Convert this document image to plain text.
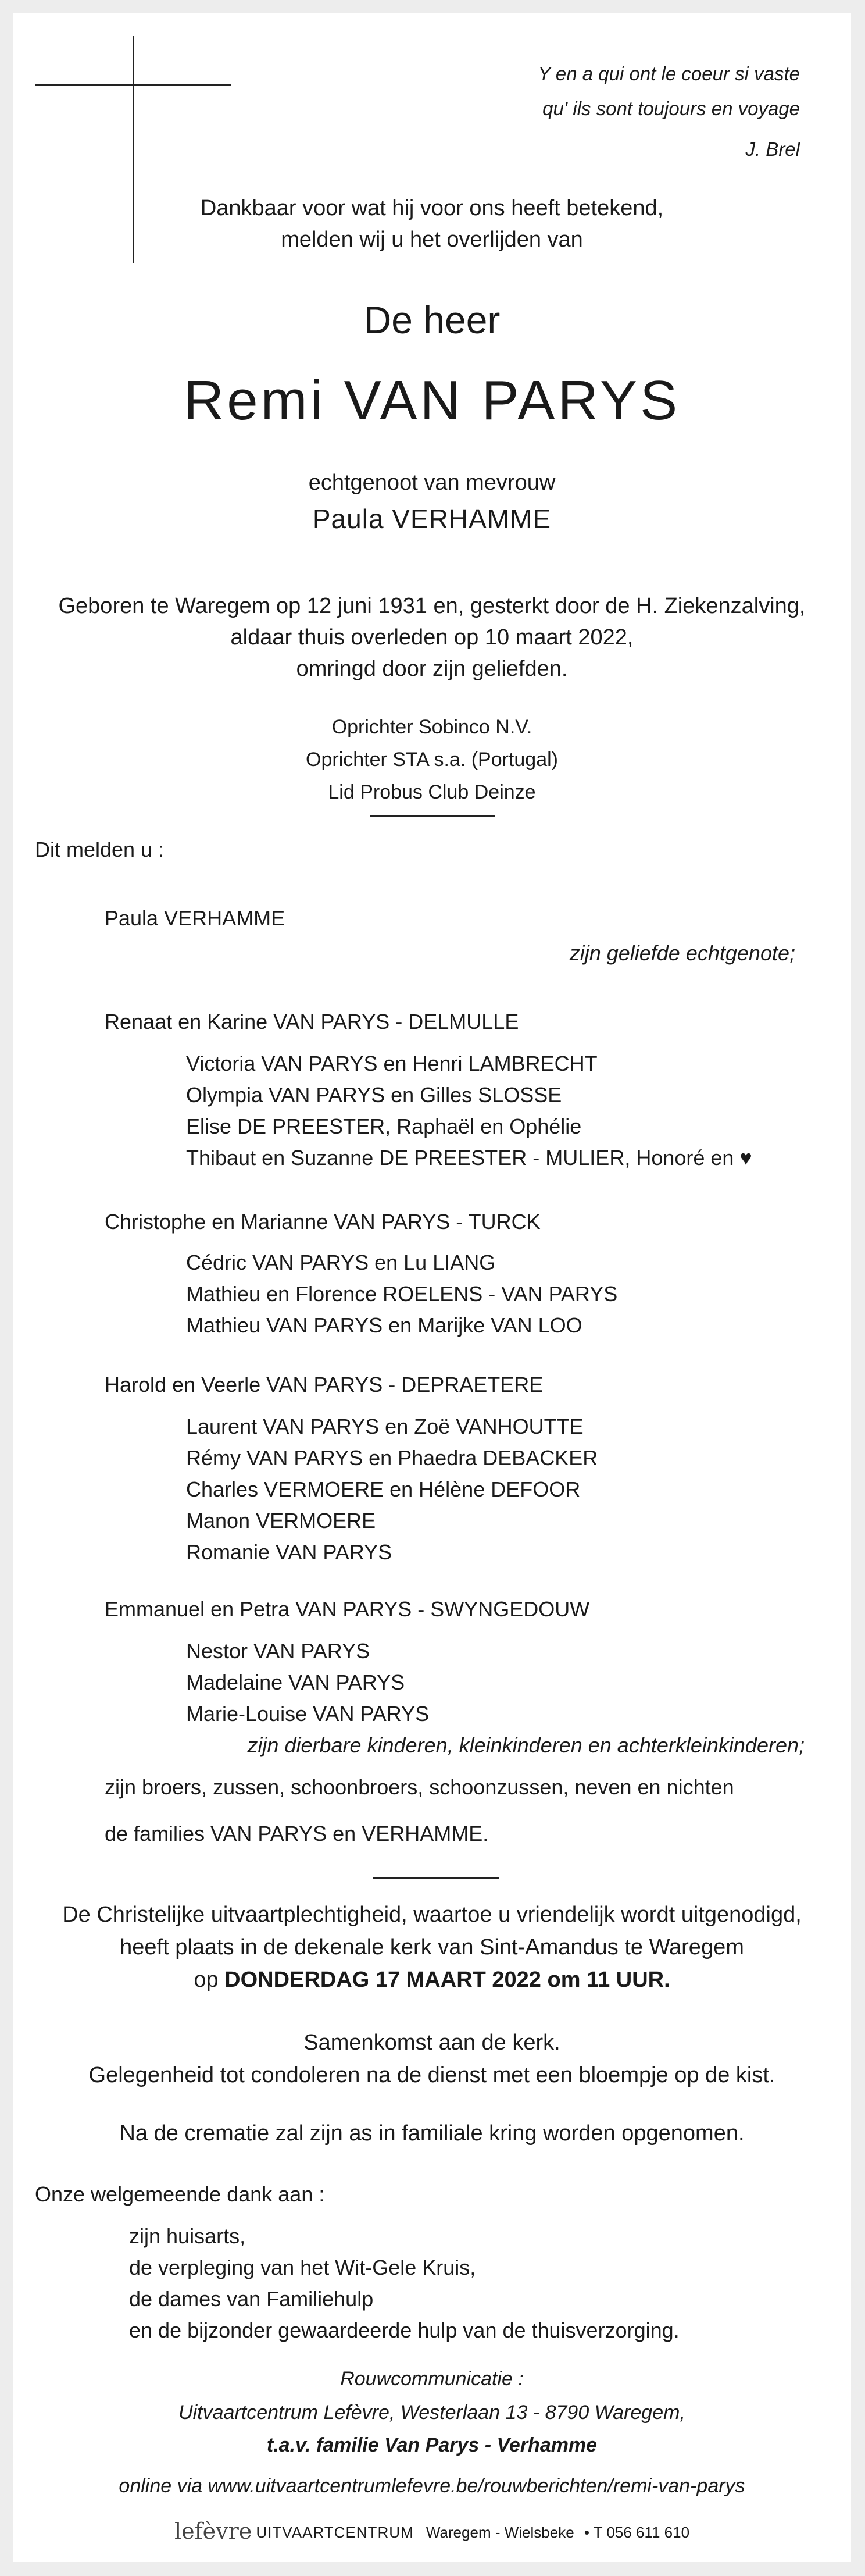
Y en a qui ont le coeur si vaste
qu' ils sont toujours en voyage
J. Brel
Dankbaar voor wat hij voor ons heeft betekend,
melden wij u het overlijden van
De heer
Remi VAN PARYS
echtgenoot van mevrouw
Paula VERHAMME
Geboren te Waregem op 12 juni 1931 en, gesterkt door de H. Ziekenzalving,
aldaar thuis overleden op 10 maart 2022,
omringd door zijn geliefden.
Oprichter Sobinco N.V.
Oprichter STA s.a. (Portugal)
Lid Probus Club Deinze
Dit melden u :
Paula VERHAMME
zijn geliefde echtgenote;
Renaat en Karine VAN PARYS - DELMULLE
Victoria VAN PARYS en Henri LAMBRECHT
Olympia VAN PARYS en Gilles SLOSSE
Elise DE PREESTER, Raphaël en Ophélie
Thibaut en Suzanne DE PREESTER - MULIER, Honoré en ♥
Christophe en Marianne VAN PARYS - TURCK
Cédric VAN PARYS en Lu LIANG
Mathieu en Florence ROELENS - VAN PARYS
Mathieu VAN PARYS en Marijke VAN LOO
Harold en Veerle VAN PARYS - DEPRAETERE
Laurent VAN PARYS en Zoë VANHOUTTE
Rémy VAN PARYS en Phaedra DEBACKER
Charles VERMOERE en Hélène DEFOOR
Manon VERMOERE
Romanie VAN PARYS
Emmanuel en Petra VAN PARYS - SWYNGEDOUW
Nestor VAN PARYS
Madelaine VAN PARYS
Marie-Louise VAN PARYS
zijn dierbare kinderen, kleinkinderen en achterkleinkinderen;
zijn broers, zussen, schoonbroers, schoonzussen, neven en nichten
de families VAN PARYS en VERHAMME.
De Christelijke uitvaartplechtigheid, waartoe u vriendelijk wordt uitgenodigd,
heeft plaats in de dekenale kerk van Sint-Amandus te Waregem
op DONDERDAG 17 MAART 2022 om 11 UUR.
Samenkomst aan de kerk.
Gelegenheid tot condoleren na de dienst met een bloempje op de kist.
Na de crematie zal zijn as in familiale kring worden opgenomen.
Onze welgemeende dank aan :
zijn huisarts,
de verpleging van het Wit-Gele Kruis,
de dames van Familiehulp
en de bijzonder gewaardeerde hulp van de thuisverzorging.
Rouwcommunicatie :
Uitvaartcentrum Lefèvre, Westerlaan 13 - 8790 Waregem,
t.a.v. familie Van Parys - Verhamme
online via www.uitvaartcentrumlefevre.be/rouwberichten/remi-van-parys
lefèvre UITVAARTCENTRUM Waregem - Wielsbeke • T 056 611 610
